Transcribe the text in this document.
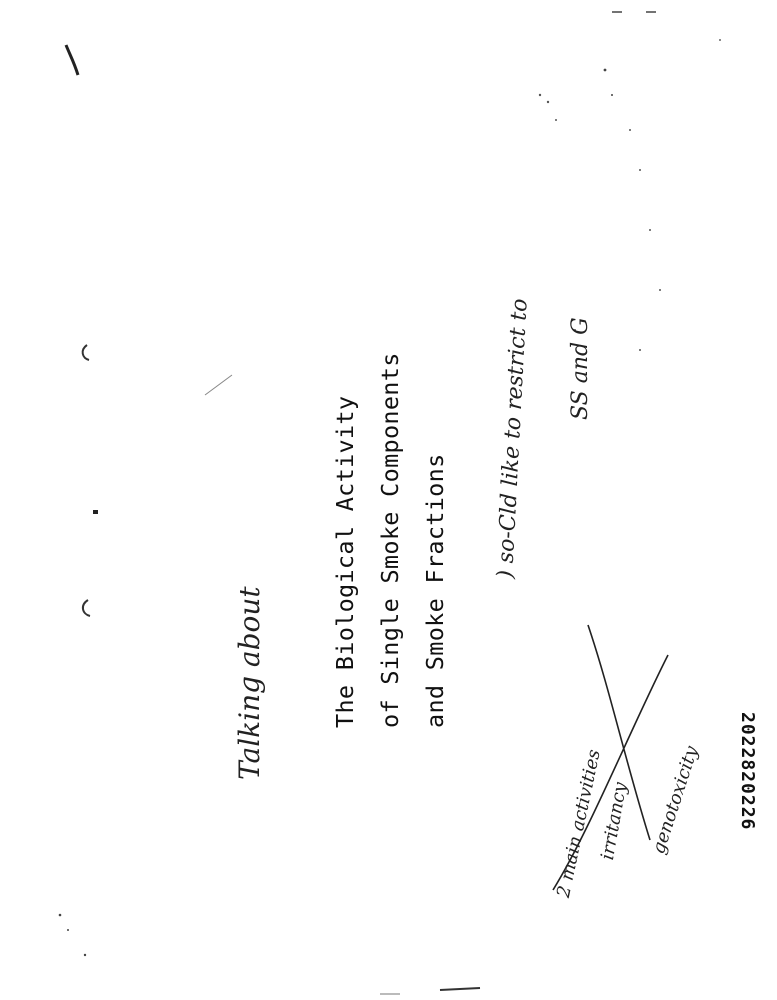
The Biological Activity of Single Smoke Components and Smoke Fractions
Talking about
) so-Cld like to restrict to SS and G
2 main activities
irritancy genotoxicity 2022820226
